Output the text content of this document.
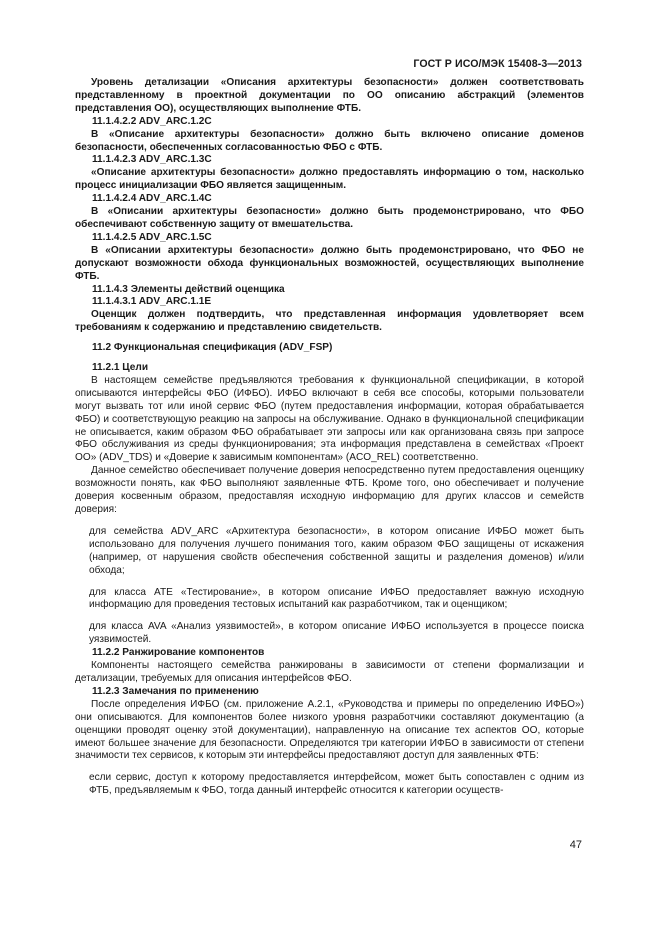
ГОСТ Р ИСО/МЭК 15408-3—2013

Уровень детализации «Описания архитектуры безопасности» должен соответствовать представленному в проектной документации по ОО описанию абстракций (элементов представления ОО), осуществляющих выполнение ФТБ.

11.1.4.2.2 ADV_ARC.1.2C

В «Описание архитектуры безопасности» должно быть включено описание доменов безопасности, обеспеченных согласованностью ФБО с ФТБ.

11.1.4.2.3 ADV_ARC.1.3C

«Описание архитектуры безопасности» должно предоставлять информацию о том, насколько процесс инициализации ФБО является защищенным.

11.1.4.2.4 ADV_ARC.1.4C

В «Описании архитектуры безопасности» должно быть продемонстрировано, что ФБО обеспечивают собственную защиту от вмешательства.

11.1.4.2.5 ADV_ARC.1.5C

В «Описании архитектуры безопасности» должно быть продемонстрировано, что ФБО не допускают возможности обхода функциональных возможностей, осуществляющих выполнение ФТБ.

11.1.4.3 Элементы действий оценщика

11.1.4.3.1 ADV_ARC.1.1E

Оценщик должен подтвердить, что представленная информация удовлетворяет всем требованиям к содержанию и представлению свидетельств.

11.2 Функциональная спецификация (ADV_FSP)

11.2.1 Цели

В настоящем семействе предъявляются требования к функциональной спецификации, в которой описываются интерфейсы ФБО (ИФБО). ИФБО включают в себя все способы, которыми пользователи могут вызвать тот или иной сервис ФБО (путем предоставления информации, которая обрабатывается ФБО) и соответствующую реакцию на запросы на обслуживание. Однако в функциональной спецификации не описывается, каким образом ФБО обрабатывает эти запросы или как организована связь при запросе ФБО обслуживания из среды функционирования; эта информация представлена в семействах «Проект ОО» (ADV_TDS) и «Доверие к зависимым компонентам» (ACO_REL) соответственно.

Данное семейство обеспечивает получение доверия непосредственно путем предоставления оценщику возможности понять, как ФБО выполняют заявленные ФТБ. Кроме того, оно обеспечивает и получение доверия косвенным образом, предоставляя исходную информацию для других классов и семейств доверия:

для семейства ADV_ARC «Архитектура безопасности», в котором описание ИФБО может быть использовано для получения лучшего понимания того, каким образом ФБО защищены от искажения (например, от нарушения свойств обеспечения собственной защиты и разделения доменов) и/или обхода;

для класса ATE «Тестирование», в котором описание ИФБО предоставляет важную исходную информацию для проведения тестовых испытаний как разработчиком, так и оценщиком;

для класса AVA «Анализ уязвимостей», в котором описание ИФБО используется в процессе поиска уязвимостей.

11.2.2 Ранжирование компонентов

Компоненты настоящего семейства ранжированы в зависимости от степени формализации и детализации, требуемых для описания интерфейсов ФБО.

11.2.3 Замечания по применению

После определения ИФБО (см. приложение А.2.1, «Руководства и примеры по определению ИФБО») они описываются. Для компонентов более низкого уровня разработчики составляют документацию (а оценщики проводят оценку этой документации), направленную на описание тех аспектов ОО, которые имеют большее значение для безопасности. Определяются три категории ИФБО в зависимости от степени значимости тех сервисов, к которым эти интерфейсы предоставляют доступ для заявленных ФТБ:

если сервис, доступ к которому предоставляется интерфейсом, может быть сопоставлен с одним из ФТБ, предъявляемым к ФБО, тогда данный интерфейс относится к категории осуществ-

47
